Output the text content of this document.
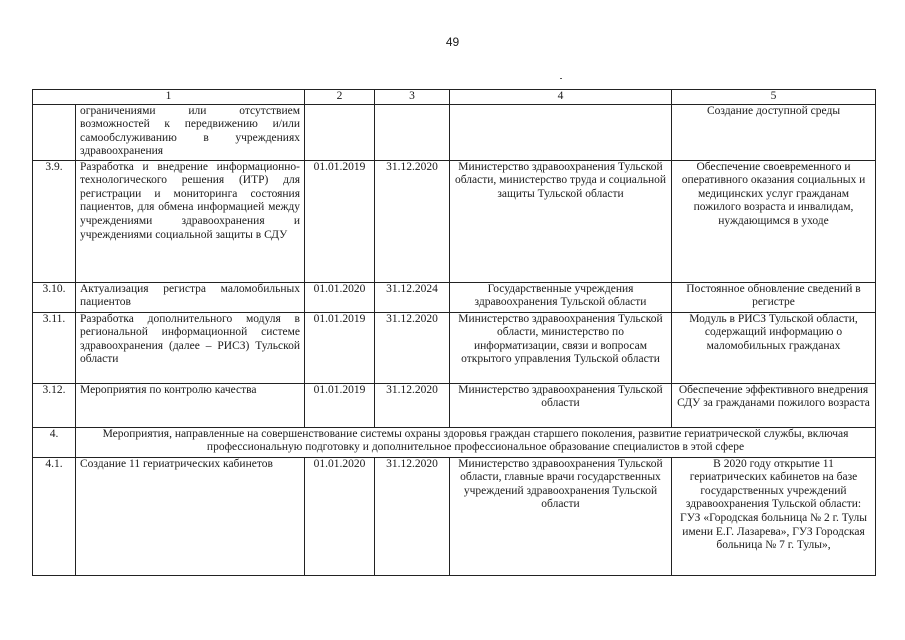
49
1		2	3	4	5
	ограничениями или отсутствием возможностей к передвижению и/или самообслуживанию в учреждениях здравоохранения				Создание доступной среды
3.9.	Разработка и внедрение информационно-технологического решения (ИТР) для регистрации и мониторинга состояния пациентов, для обмена информацией между учреждениями здравоохранения и учреждениями социальной защиты в СДУ	01.01.2019	31.12.2020	Министерство здравоохранения Тульской области, министерство труда и социальной защиты Тульской области	Обеспечение своевременного и оперативного оказания социальных и медицинских услуг гражданам пожилого возраста и инвалидам, нуждающимся в уходе
3.10.	Актуализация регистра маломобильных пациентов	01.01.2020	31.12.2024	Государственные учреждения здравоохранения Тульской области	Постоянное обновление сведений в регистре
3.11.	Разработка дополнительного модуля в региональной информационной системе здравоохранения (далее – РИСЗ) Тульской области	01.01.2019	31.12.2020	Министерство здравоохранения Тульской области, министерство по информатизации, связи и вопросам открытого управления Тульской области	Модуль в РИСЗ Тульской области, содержащий информацию о маломобильных гражданах
3.12.	Мероприятия по контролю качества	01.01.2019	31.12.2020	Министерство здравоохранения Тульской области	Обеспечение эффективного внедрения СДУ за гражданами пожилого возраста
4.	Мероприятия, направленные на совершенствование системы охраны здоровья граждан старшего поколения, развитие гериатрической службы, включая профессиональную подготовку и дополнительное профессиональное образование специалистов в этой сфере				
4.1.	Создание 11 гериатрических кабинетов	01.01.2020	31.12.2020	Министерство здравоохранения Тульской области, главные врачи государственных учреждений здравоохранения Тульской области	В 2020 году открытие 11 гериатрических кабинетов на базе государственных учреждений здравоохранения Тульской области: ГУЗ «Городская больница № 2 г. Тулы имени Е.Г. Лазарева», ГУЗ Городская больница № 7 г. Тулы»,
